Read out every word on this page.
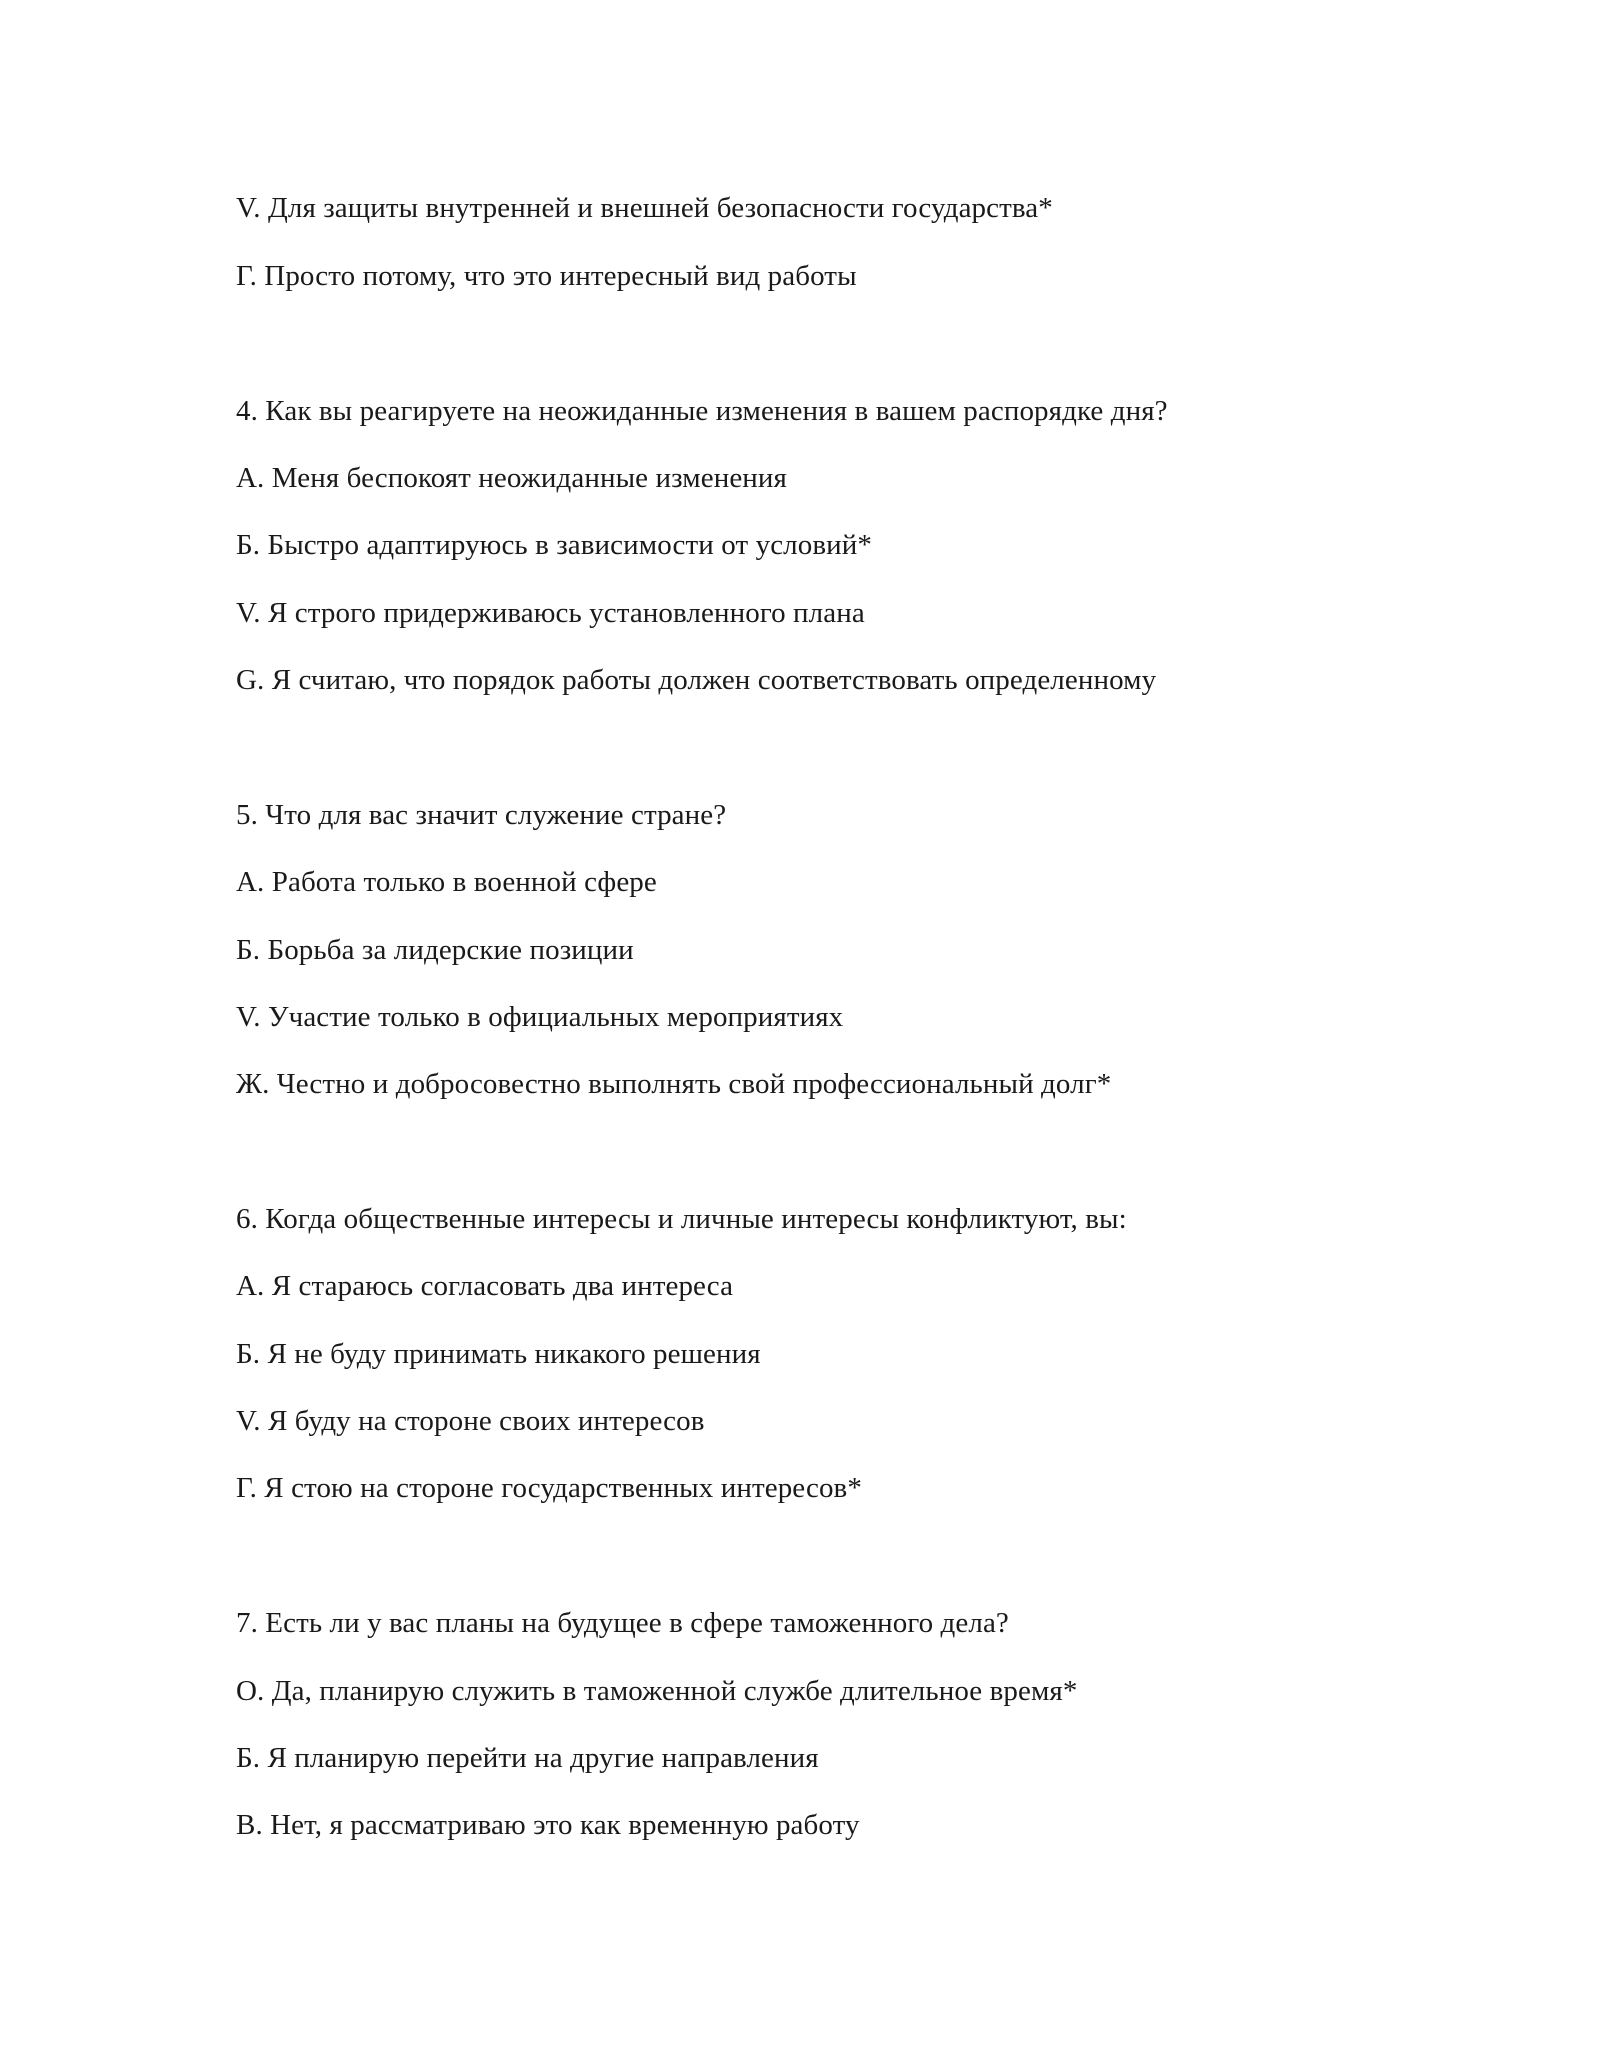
V. Для защиты внутренней и внешней безопасности государства*
Г. Просто потому, что это интересный вид работы
4. Как вы реагируете на неожиданные изменения в вашем распорядке дня?
А. Меня беспокоят неожиданные изменения
Б. Быстро адаптируюсь в зависимости от условий*
V. Я строго придерживаюсь установленного плана
G. Я считаю, что порядок работы должен соответствовать определенному
5. Что для вас значит служение стране?
А. Работа только в военной сфере
Б. Борьба за лидерские позиции
V. Участие только в официальных мероприятиях
Ж. Честно и добросовестно выполнять свой профессиональный долг*
6. Когда общественные интересы и личные интересы конфликтуют, вы:
А. Я стараюсь согласовать два интереса
Б. Я не буду принимать никакого решения
V. Я буду на стороне своих интересов
Г. Я стою на стороне государственных интересов*
7. Есть ли у вас планы на будущее в сфере таможенного дела?
О. Да, планирую служить в таможенной службе длительное время*
Б. Я планирую перейти на другие направления
В. Нет, я рассматриваю это как временную работу
